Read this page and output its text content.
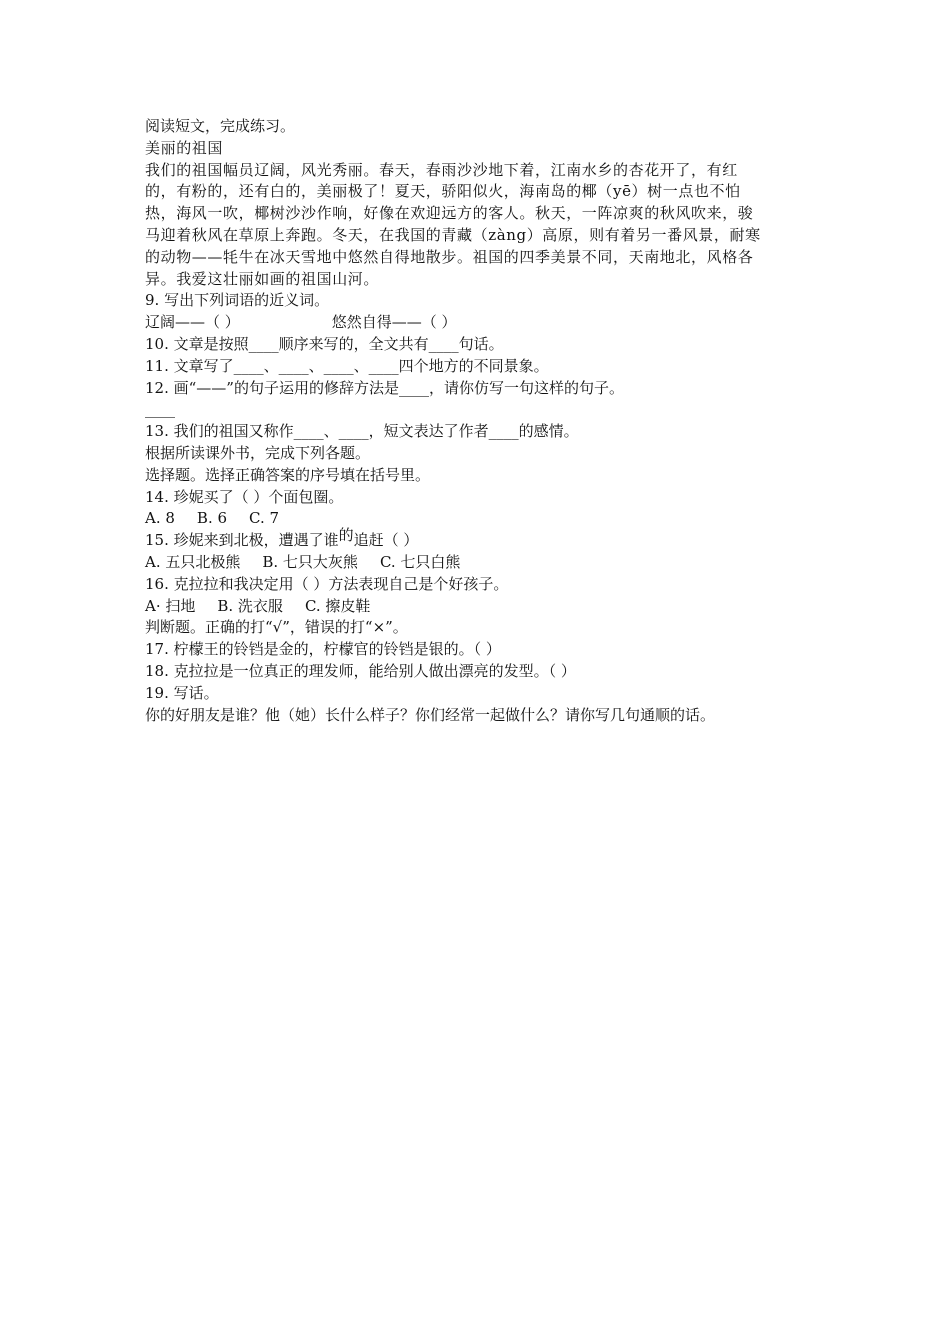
阅读短文，完成练习。
美丽的祖国
我们的祖国幅员辽阔，风光秀丽。春天，春雨沙沙地下着，江南水乡的杏花开了，有红
的，有粉的，还有白的，美丽极了！夏天，骄阳似火，海南岛的椰（yē）树一点也不怕
热，海风一吹，椰树沙沙作响，好像在欢迎远方的客人。秋天，一阵凉爽的秋风吹来，骏
马迎着秋风在草原上奔跑。冬天，在我国的青藏（zàng）高原，则有着另一番风景，耐寒
的动物——牦牛在冰天雪地中悠然自得地散步。祖国的四季美景不同，天南地北，风格各
异。我爱这壮丽如画的祖国山河。
9. 写出下列词语的近义词。
辽阔——（ ）	悠然自得——（ ）
10. 文章是按照____顺序来写的，全文共有____句话。
11. 文章写了____、____、____、____四个地方的不同景象。
12. 画“——”的句子运用的修辞方法是____，请你仿写一句这样的句子。
____
13. 我们的祖国又称作____、____，短文表达了作者____的感情。
根据所读课外书，完成下列各题。
选择题。选择正确答案的序号填在括号里。
14. 珍妮买了（ ）个面包圈。
A. 8 B. 6 C. 7
15. 珍妮来到北极，遭遇了谁的追赶（ ）
A. 五只北极熊 B. 七只大灰熊 C. 七只白熊
16. 克拉拉和我决定用（ ）方法表现自己是个好孩子。
A· 扫地 B. 洗衣服 C. 擦皮鞋
判断题。正确的打“√”，错误的打“×”。
17. 柠檬王的铃铛是金的，柠檬官的铃铛是银的。（ ）
18. 克拉拉是一位真正的理发师，能给别人做出漂亮的发型。（ ）
19. 写话。
你的好朋友是谁？他（她）长什么样子？你们经常一起做什么？请你写几句通顺的话。
